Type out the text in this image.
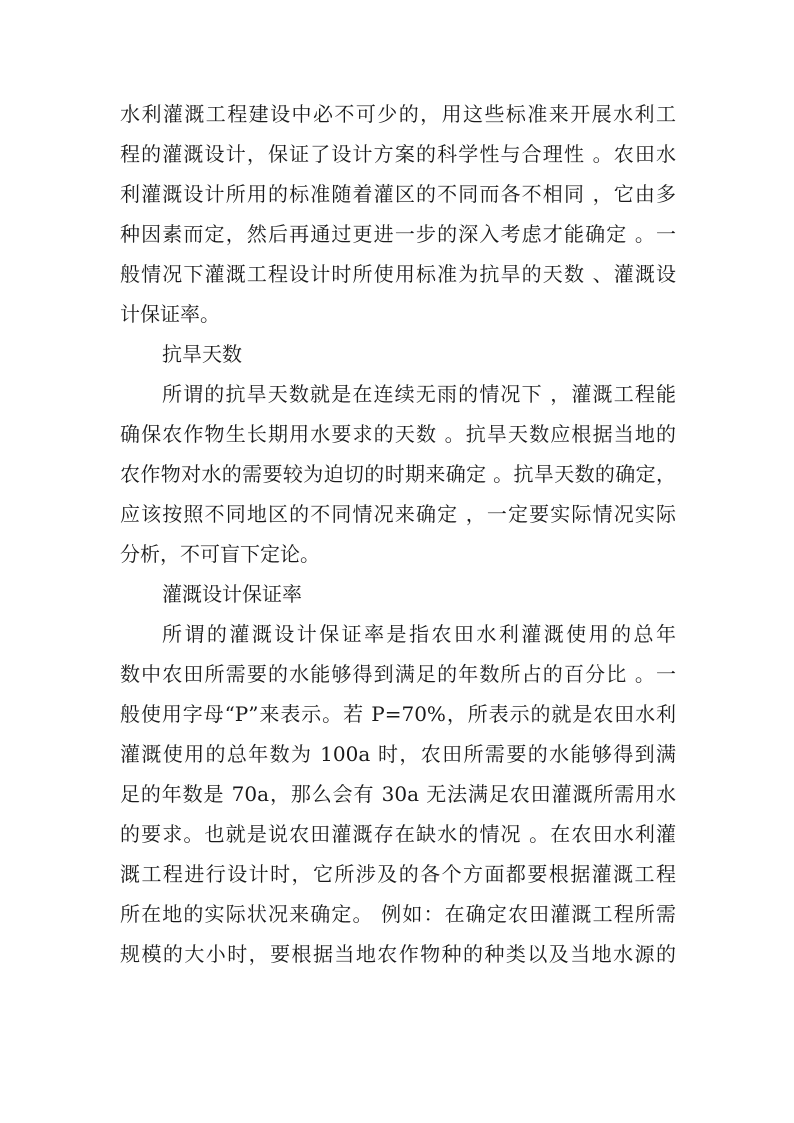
水利灌溉工程建设中必不可少的，用这些标准来开展水利工
程的灌溉设计，保证了设计方案的科学性与合理性 。农田水
利灌溉设计所用的标准随着灌区的不同而各不相同 ，它由多
种因素而定，然后再通过更进一步的深入考虑才能确定 。一
般情况下灌溉工程设计时所使用标准为抗旱的天数 、灌溉设
计保证率。
抗旱天数
所谓的抗旱天数就是在连续无雨的情况下 ，灌溉工程能
确保农作物生长期用水要求的天数 。抗旱天数应根据当地的
农作物对水的需要较为迫切的时期来确定 。抗旱天数的确定，
应该按照不同地区的不同情况来确定 ，一定要实际情况实际
分析，不可盲下定论。
灌溉设计保证率
所谓的灌溉设计保证率是指农田水利灌溉使用的总年
数中农田所需要的水能够得到满足的年数所占的百分比 。一
般使用字母“P”来表示。若 P=70%，所表示的就是农田水利
灌溉使用的总年数为 100a 时，农田所需要的水能够得到满
足的年数是 70a，那么会有 30a 无法满足农田灌溉所需用水
的要求。也就是说农田灌溉存在缺水的情况 。在农田水利灌
溉工程进行设计时，它所涉及的各个方面都要根据灌溉工程
所在地的实际状况来确定。 例如：在确定农田灌溉工程所需
规模的大小时，要根据当地农作物种的种类以及当地水源的
